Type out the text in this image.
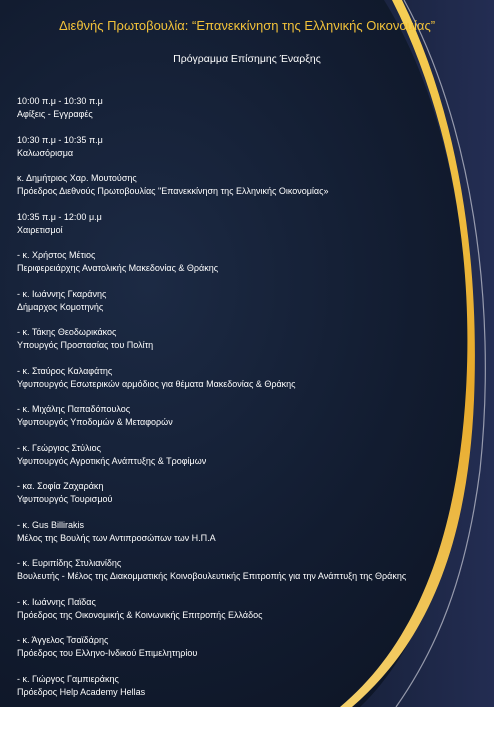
Διεθνής Πρωτοβουλία: “Επανεκκίνηση της Ελληνικής Οικονομίας”
Πρόγραμμα Επίσημης Έναρξης
10:00 π.μ - 10:30 π.μ
Αφίξεις - Εγγραφές
10:30 π.μ - 10:35 π.μ
Καλωσόρισμα
κ. Δημήτριος Χαρ. Μουτούσης
Πρόεδρος Διεθνούς Πρωτοβουλίας "Επανεκκίνηση της Ελληνικής Οικονομίας»
10:35 π.μ - 12:00 μ.μ
Χαιρετισμοί
- κ. Χρήστος Μέτιος
Περιφερειάρχης Ανατολικής Μακεδονίας & Θράκης
- κ. Ιωάννης Γκαράνης
Δήμαρχος Κομοτηνής
- κ. Τάκης Θεοδωρικάκος
Υπουργός Προστασίας του Πολίτη
- κ. Σταύρος Καλαφάτης
Υφυπουργός Εσωτερικών αρμόδιος για θέματα Μακεδονίας & Θράκης
- κ. Μιχάλης Παπαδόπουλος
Υφυπουργός Υποδομών & Μεταφορών
- κ. Γεώργιος Στύλιος
Υφυπουργός Αγροτικής Ανάπτυξης & Τροφίμων
- κα. Σοφία Ζαχαράκη
Υφυπουργός Τουρισμού
- κ. Gus Billirakis
Μέλος της Βουλής των Αντιπροσώπων των Η.Π.Α
- κ. Ευριπίδης Στυλιανίδης
Βουλευτής - Μέλος της Διακομματικής Κοινοβουλευτικής Επιτροπής για την Ανάπτυξη της Θράκης
- κ. Ιωάννης Παϊδας
Πρόεδρος της Οικονομικής & Κοινωνικής Επιτροπής Ελλάδος
- κ. Άγγελος Τσαϊδάρης
Πρόεδρος του Ελληνο-Ινδικού Επιμελητηρίου
- κ. Γιώργος Γαμπιεράκης
Πρόεδρος Help Academy Hellas
12:00 μ.μ - 12:15 μ.μ
Διάλειμμα Καφέ
